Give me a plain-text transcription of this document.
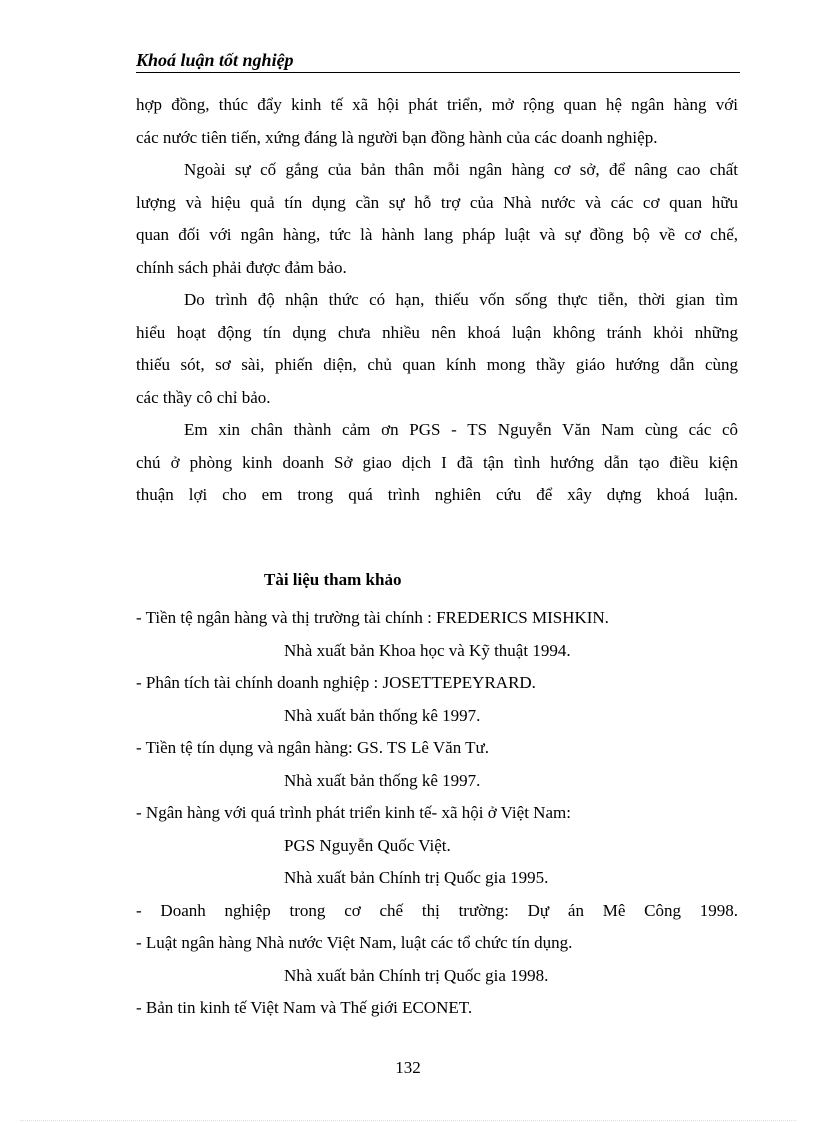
Khoá luận tốt nghiệp
hợp đồng, thúc đẩy kinh tế xã hội phát triển, mở rộng quan hệ ngân hàng với
các nước tiên tiến, xứng đáng là người bạn đồng hành của các doanh nghiệp.
Ngoài sự cố gắng của bản thân mỗi ngân hàng cơ sở, để nâng cao chất
lượng và hiệu quả tín dụng cần sự hỗ trợ của Nhà nước và các cơ quan hữu
quan đối với ngân hàng, tức là hành lang pháp luật và sự đồng bộ về cơ chế,
chính sách phải được đảm bảo.
Do trình độ nhận thức có hạn, thiếu vốn sống thực tiễn, thời gian tìm
hiểu hoạt động tín dụng chưa nhiều nên khoá luận không tránh khỏi những
thiếu sót, sơ sài, phiến diện, chủ quan kính mong thầy giáo hướng dẫn cùng
các thầy cô chỉ bảo.
Em xin chân thành cảm ơn PGS - TS Nguyễn Văn Nam cùng các cô
chú ở phòng kinh doanh Sở giao dịch I đã tận tình hướng dẫn tạo điều kiện
thuận lợi cho em trong quá trình nghiên cứu để xây dựng khoá luận.
Tài liệu tham khảo
- Tiền tệ ngân hàng và thị trường tài chính : FREDERICS MISHKIN.
Nhà xuất bản Khoa học và Kỹ thuật 1994.
- Phân tích tài chính doanh nghiệp : JOSETTEPEYRARD.
Nhà xuất bản thống kê 1997.
- Tiền tệ tín dụng và ngân hàng: GS. TS Lê Văn Tư.
Nhà xuất bản thống kê 1997.
- Ngân hàng với quá trình phát triển kinh tế- xã hội ở Việt Nam:
PGS Nguyễn Quốc Việt.
Nhà xuất bản Chính trị Quốc gia 1995.
- Doanh nghiệp trong cơ chế thị trường: Dự án Mê Công 1998.
- Luật ngân hàng Nhà nước Việt Nam, luật các tổ chức tín dụng.
Nhà xuất bản Chính trị Quốc gia 1998.
- Bản tin kinh tế Việt Nam và Thế giới ECONET.
132
